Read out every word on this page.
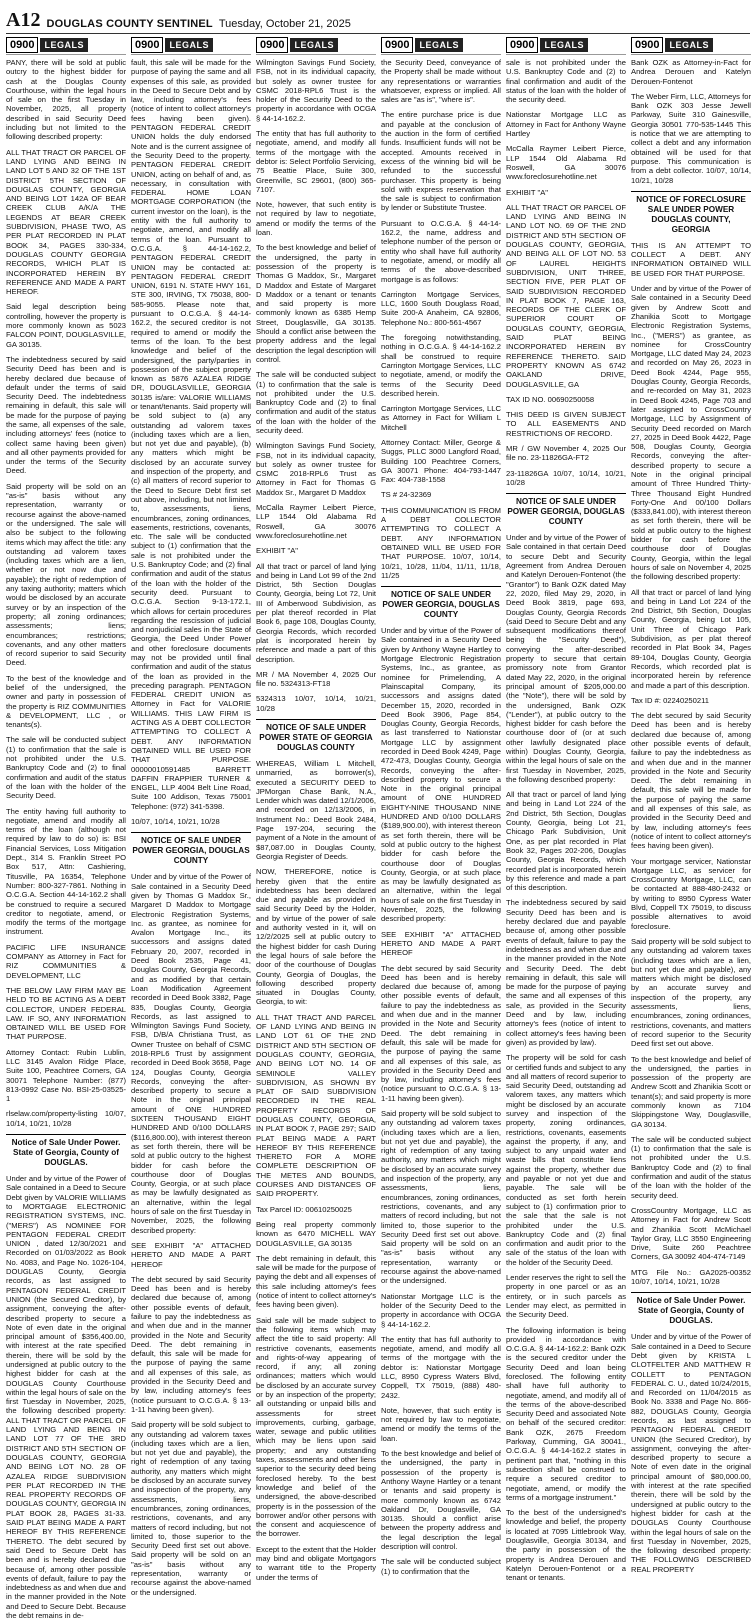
A12 DOUGLAS COUNTY SENTINEL Tuesday, October 21, 2025
0900	LEGALS

PANY, there will be sold at public outcry to the highest bidder for cash at the Douglas County Courthouse, within the legal hours of sale on the first Tuesday in November, 2025, all property described in said Security Deed including but not limited to the following described property:

ALL THAT TRACT OR PARCEL OF LAND LYING AND BEING IN LAND LOT 5 AND 32 OF THE 1ST DISTRICT 5TH SECTION OF DOUGLAS COUNTY, GEORGIA AND BEING LOT 142A OF BEAR CREEK CLUB A/K/A THE LEGENDS AT BEAR CREEK SUBDIVISION, PHASE TWO, AS PER PLAT RECORDED IN PLAT BOOK 34, PAGES 330-334, DOUGLAS COUNTY GEORGIA RECORDS, WHICH PLAT IS INCORPORATED HEREIN BY REFERENCE AND MADE A PART HEREOF.

Said legal description being controlling, however the property is more commonly known as 5023 FALCON POINT, DOUGLASVILLE, GA 30135.

The indebtedness secured by said Security Deed has been and is hereby declared due because of default under the terms of said Security Deed. The indebtedness remaining in default, this sale will be made for the purpose of paying the same, all expenses of the sale, including attorneys' fees (notice to collect same having been given) and all other payments provided for under the terms of the Security Deed.

Said property will be sold on an "as-is" basis without any representation, warranty or recourse against the above-named or the undersigned. The sale will also be subject to the following items which may affect the title: any outstanding ad valorem taxes (including taxes which are a lien, whether or not now due and payable); the right of redemption of any taxing authority; matters which would be disclosed by an accurate survey or by an inspection of the property; all zoning ordinances; assessments; liens; encumbrances; restrictions; covenants, and any other matters of record superior to said Security Deed.

To the best of the knowledge and belief of the undersigned, the owner and party in possession of the property is RIZ COMMUNITIES & DEVELOPMENT, LLC , or tenants(s).

The sale will be conducted subject (1) to confirmation that the sale is not prohibited under the U.S. Bankruptcy Code and (2) to final confirmation and audit of the status of the loan with the holder of the Security Deed.

The entity having full authority to negotiate, amend and modify all terms of the loan (although not required by law to do so) is: BSI Financial Services, Loss Mitigation Dept., 314 S. Franklin Street PO Box 517, Attn: Cashiering, Titusville, PA 16354, Telephone Number: 800-327-7861. Nothing in O.C.G.A. Section 44-14-162.2 shall be construed to require a secured creditor to negotiate, amend, or modify the terms of the mortgage instrument.

PACIFIC LIFE INSURANCE COMPANY as Attorney in Fact for RIZ COMMUNITIES & DEVELOPMENT, LLC

THE BELOW LAW FIRM MAY BE HELD TO BE ACTING AS A DEBT COLLECTOR, UNDER FEDERAL LAW. IF SO, ANY INFORMATION OBTAINED WILL BE USED FOR THAT PURPOSE.

Attorney Contact: Rubin Lublin, LLC 3145 Avalon Ridge Place, Suite 100, Peachtree Corners, GA 30071 Telephone Number: (877) 813-0992 Case No. BSI-25-03525-1

rlselaw.com/property-listing 10/07, 10/14, 10/21, 10/28

Notice of Sale Under Power. State of Georgia, County of DOUGLAS.

Under and by virtue of the Power of Sale contained in a Deed to Secure Debt given by VALORIE WILLIAMS to MORTGAGE ELECTRONIC REGISTRATION SYSTEMS, INC. ("MERS") AS NOMINEE FOR PENTAGON FEDERAL CREDIT UNION , dated 12/30/2021 and Recorded on 01/03/2022 as Book No. 4083, and Page No. 1026-104, DOUGLAS County, Georgia records, as last assigned to PENTAGON FEDERAL CREDIT UNION (the Secured Creditor), by assignment, conveying the after-described property to secure a Note of even date in the original principal amount of $356,400.00, with interest at the rate specified therein, there will be sold by the undersigned at public outcry to the highest bidder for cash at the DOUGLAS County Courthouse within the legal hours of sale on the first Tuesday in November, 2025, the following described property: ALL THAT TRACT OR PARCEL OF LAND LYING AND BEING IN LAND LOT 77 OF THE 3RD DISTRICT AND 5TH SECTION OF DOUGLAS COUNTY, GEORGIA AND BEING LOT NO. 28 OF AZALEA RIDGE SUBDIVISION PER PLAT RECORDED IN THE REAL PROPERTY RECORDS OF DOUGLAS COUNTY, GEORGIA IN PLAT BOOK 28, PAGES 31-33. SAID PLAT BEING MADE A PART HEREOF BY THIS REFERENCE THERETO. The debt secured by said Deed to Secure Debt has been and is hereby declared due because of, among other possible events of default, failure to pay the indebtedness as and when due and in the manner provided in the Note and Deed to Secure Debt. Because the debt remains in de-

0900	LEGALS

fault, this sale will be made for the purpose of paying the same and all expenses of this sale, as provided in the Deed to Secure Debt and by law, including attorney's fees (notice of intent to collect attorney's fees having been given). PENTAGON FEDERAL CREDIT UNION holds the duly endorsed Note and is the current assignee of the Security Deed to the property. PENTAGON FEDERAL CREDIT UNION, acting on behalf of and, as necessary, in consultation with FEDERAL HOME LOAN MORTGAGE CORPORATION (the current investor on the loan), is the entity with the full authority to negotiate, amend, and modify all terms of the loan. Pursuant to O.C.G.A. § 44-14-162.2, PENTAGON FEDERAL CREDIT UNION may be contacted at: PENTAGON FEDERAL CREDIT UNION, 6191 N. STATE HWY 161, STE 300, IRVING, TX 75038, 800-585-9055. Please note that, pursuant to O.C.G.A. § 44-14-162.2, the secured creditor is not required to amend or modify the terms of the loan. To the best knowledge and belief of the undersigned, the party/parties in possession of the subject property known as 5876 AZALEA RIDGE DR, DOUGLASVILLE, GEORGIA 30135 is/are: VALORIE WILLIAMS or tenant/tenants. Said property will be sold subject to (a) any outstanding ad valorem taxes (including taxes which are a lien, but not yet due and payable), (b) any matters which might be disclosed by an accurate survey and inspection of the property, and (c) all matters of record superior to the Deed to Secure Debt first set out above, including, but not limited to, assessments, liens, encumbrances, zoning ordinances, easements, restrictions, covenants, etc. The sale will be conducted subject to (1) confirmation that the sale is not prohibited under the U.S. Bankruptcy Code; and (2) final confirmation and audit of the status of the loan with the holder of the security deed. Pursuant to O.C.G.A. Section 9-13-172.1, which allows for certain procedures regarding the rescission of judicial and nonjudicial sales in the State of Georgia, the Deed Under Power and other foreclosure documents may not be provided until final confirmation and audit of the status of the loan as provided in the preceding paragraph. PENTAGON FEDERAL CREDIT UNION as Attorney in Fact for VALORIE WILLIAMS. THIS LAW FIRM IS ACTING AS A DEBT COLLECTOR ATTEMPTING TO COLLECT A DEBT. ANY INFORMATION OBTAINED WILL BE USED FOR THAT PURPOSE. 00000010591485 BARRETT DAFFIN FRAPPIER TURNER & ENGEL, LLP 4004 Belt Line Road, Suite 100 Addison, Texas 75001 Telephone: (972) 341-5398.

10/07, 10/14, 10/21, 10/28

NOTICE OF SALE UNDER POWER GEORGIA, DOUGLAS COUNTY

Under and by virtue of the Power of Sale contained in a Security Deed given by Thomas G Maddox Sr., Margaret D Maddox to Mortgage Electronic Registration Systems, Inc. as grantee, as nominee for Avalon Mortgage Inc., its successors and assigns dated February 20, 2007, recorded in Deed Book 2535, Page 41, Douglas County, Georgia Records, and as modified by that certain Loan Modification Agreement recorded in Deed Book 3382, Page 835, Douglas County, Georgia Records, as last assigned to Wilmington Savings Fund Society, FSB, D/B/A Christiana Trust, as Owner Trustee on behalf of CSMC 2018-RPL6 Trust by assignment recorded in Deed Book 3658, Page 124, Douglas County, Georgia Records, conveying the after-described property to secure a Note in the original principal amount of ONE HUNDRED SIXTEEN THOUSAND EIGHT HUNDRED AND 0/100 DOLLARS ($116,800.00), with interest thereon as set forth therein, there will be sold at public outcry to the highest bidder for cash before the courthouse door of Douglas County, Georgia, or at such place as may be lawfully designated as an alternative, within the legal hours of sale on the first Tuesday in November, 2025, the following described property:

SEE EXHIBIT "A" ATTACHED HERETO AND MADE A PART HEREOF

The debt secured by said Security Deed has been and is hereby declared due because of, among other possible events of default, failure to pay the indebtedness as and when due and in the manner provided in the Note and Security Deed. The debt remaining in default, this sale will be made for the purpose of paying the same and all expenses of this sale, as provided in the Security Deed and by law, including attorney's fees (notice pursuant to O.C.G.A. § 13-1-11 having been given).

Said property will be sold subject to any outstanding ad valorem taxes (including taxes which are a lien, but not yet due and payable), the right of redemption of any taxing authority, any matters which might be disclosed by an accurate survey and inspection of the property, any assessments, liens, encumbrances, zoning ordinances, restrictions, covenants, and any matters of record including, but not limited to, those superior to the Security Deed first set out above. Said property will be sold on an "as-is" basis without any representation, warranty or recourse against the above-named or the undersigned.

0900	LEGALS

Wilmington Savings Fund Society, FSB, not in its individual capacity, but solely as owner trustee for CSMC 2018-RPL6 Trust is the holder of the Security Deed to the property in accordance with OCGA § 44-14-162.2.

The entity that has full authority to negotiate, amend, and modify all terms of the mortgage with the debtor is: Select Portfolio Servicing, 75 Beattie Place, Suite 300, Greenville, SC 29601, (800) 365-7107.

Note, however, that such entity is not required by law to negotiate, amend or modify the terms of the loan.

To the best knowledge and belief of the undersigned, the party in possession of the property is Thomas G Maddox, Sr., Margaret D Maddox and Estate of Margaret D Maddox or a tenant or tenants and said property is more commonly known as 6385 Hemp Street, Douglasville, GA 30135. Should a conflict arise between the property address and the legal description the legal description will control.

The sale will be conducted subject (1) to confirmation that the sale is not prohibited under the U.S. Bankruptcy Code and (2) to final confirmation and audit of the status of the loan with the holder of the security deed.

Wilmington Savings Fund Society, FSB, not in its individual capacity, but solely as owner trustee for CSMC 2018-RPL6 Trust as Attorney in Fact for Thomas G Maddox Sr., Margaret D Maddox

McCalla Raymer Leibert Pierce, LLP 1544 Old Alabama Rd Roswell, GA 30076 www.foreclosurehotline.net

EXHIBIT "A"

All that tract or parcel of land lying and being in Land Lot 99 of the 2nd District, 5th Section Douglas County, Georgia, being Lot 72, Unit III of Amberwood Subdivision, as per plat thereof recorded in Plat Book 6, page 108, Douglas County, Georgia Records, which recorded plat is incorporated herein by reference and made a part of this description.

MR / MA November 4, 2025 Our file no. 5324313-FT18

5324313 10/07, 10/14, 10/21, 10/28

NOTICE OF SALE UNDER POWER STATE OF GEORGIA DOUGLAS COUNTY

WHEREAS, William L Mitchell, unmarried, as borrower(s), executed a SECURITY DEED to JPMorgan Chase Bank, N.A., Lender which was dated 12/1/2006, and recorded on 12/13/2006, in Instrument No.: Deed Book 2484, Page 197-204, securing the payment of a Note in the amount of $87,087.00 in Douglas County, Georgia Register of Deeds.

NOW, THEREFORE, notice is hereby given that the entire indebtedness has been declared due and payable as provided in said Security Deed by the Holder, and by virtue of the power of sale and authority vested in it, will on 12/2/2025 sell at public outcry to the highest bidder for cash During the legal hours of sale before the door of the courthouse of Douglas County, Georgia of Douglas, the following described property situated in Douglas County, Georgia, to wit:

ALL THAT TRACT AND PARCEL OF LAND LYING AND BEING IN LAND LOT 61 OF THE 2ND DISTRICT AND 5TH SECTION OF DOUGLAS COUNTY, GEORGIA, AND BEING LOT NO. 14 OF SEMINOLE VALLEY SUBDIVISION, AS SHOWN BY PLAT OF SAID SUBDIVISION RECORDED IN THE REAL PROPERTY RECORDS OF DOUGLAS COUNTY, GEORGIA, IN PLAT BOOK 7, PAGE 297; SAID PLAT BEING MADE A PART HEREOF BY THIS REFERENCE THERETO FOR A MORE COMPLETE DESCRIPTION OF THE METES AND BOUNDS, COURSES AND DISTANCES OF SAID PROPERTY.

Tax Parcel ID: 00610250025

Being real property commonly known as 6470 MICHELL WAY DOUGLASVILLE, GA 30135

The debt remaining in default, this sale will be made for the purpose of paying the debt and all expenses of this sale including attorney's fees (notice of intent to collect attorney's fees having been given).

Said sale will be made subject to the following items which may affect the title to said property: All restrictive covenants, easements and rights-of-way appearing of record, if any; all zoning ordinances; matters which would be disclosed by an accurate survey or by an inspection of the property; all outstanding or unpaid bills and assessments for street improvements, curbing, garbage, water, sewage and public utilities which may be liens upon said property; and any outstanding taxes, assessments and other liens superior to the security deed being foreclosed hereby. To the best knowledge and belief of the undersigned, the above-described property is in the possession of the borrower and/or other persons with the consent and acquiescence of the borrower.

Except to the extent that the Holder may bind and obligate Mortgagors to warrant title to the Property under the terms of

0900	LEGALS

the Security Deed, conveyance of the Property shall be made without any representations or warranties whatsoever, express or implied. All sales are "as is", "where is".

The entire purchase price is due and payable at the conclusion of the auction in the form of certified funds. Insufficient funds will not be accepted. Amounts received in excess of the winning bid will be refunded to the successful purchaser. This property is being sold with express reservation that the sale is subject to confirmation by lender or Substitute Trustee.

Pursuant to O.C.G.A. § 44-14-162.2, the name, address and telephone number of the person or entity who shall have full authority to negotiate, amend, or modify all terms of the above-described mortgage is as follows:

Carrington Mortgage Services, LLC, 1600 South Douglass Road, Suite 200-A Anaheim, CA 92806, Telephone No.: 800-561-4567

The foregoing notwithstanding, nothing in O.C.G.A. § 44-14-162.2 shall be construed to require Carrington Mortgage Services, LLC to negotiate, amend, or modify the terms of the Security Deed described herein.

Carrington Mortgage Services, LLC as Attorney in Fact for William L Mitchell

Attorney Contact: Miller, George & Suggs, PLLC 3000 Langford Road, Building 100 Peachtree Corners, GA 30071 Phone: 404-793-1447 Fax: 404-738-1558

TS # 24-32369

THIS COMMUNICATION IS FROM A DEBT COLLECTOR ATTEMPTING TO COLLECT A DEBT. ANY INFORMATION OBTAINED WILL BE USED FOR THAT PURPOSE. 10/07, 10/14, 10/21, 10/28, 11/04, 11/11, 11/18, 11/25

NOTICE OF SALE UNDER POWER GEORGIA, DOUGLAS COUNTY

Under and by virtue of the Power of Sale contained in a Security Deed given by Anthony Wayne Hartley to Mortgage Electronic Registration Systems, Inc., as grantee, as nominee for Primelending, A Plainscapital Company, its successors and assigns dated December 15, 2020, recorded in Deed Book 3906, Page 854, Douglas County, Georgia Records, as last transferred to Nationstar Mortgage LLC by assignment recorded in Deed Book 4249, Page 472-473, Douglas County, Georgia Records, conveying the after-described property to secure a Note in the original principal amount of ONE HUNDRED EIGHTY-NINE THOUSAND NINE HUNDRED AND 0/100 DOLLARS ($189,900.00), with interest thereon as set forth therein, there will be sold at public outcry to the highest bidder for cash before the courthouse door of Douglas County, Georgia, or at such place as may be lawfully designated as an alternative, within the legal hours of sale on the first Tuesday in November, 2025, the following described property:

SEE EXHIBIT "A" ATTACHED HERETO AND MADE A PART HEREOF

The debt secured by said Security Deed has been and is hereby declared due because of, among other possible events of default, failure to pay the indebtedness as and when due and in the manner provided in the Note and Security Deed. The debt remaining in default, this sale will be made for the purpose of paying the same and all expenses of this sale, as provided in the Security Deed and by law, including attorney's fees (notice pursuant to O.C.G.A. § 13-1-11 having been given).

Said property will be sold subject to any outstanding ad valorem taxes (including taxes which are a lien, but not yet due and payable), the right of redemption of any taxing authority, any matters which might be disclosed by an accurate survey and inspection of the property, any assessments, liens, encumbrances, zoning ordinances, restrictions, covenants, and any matters of record including, but not limited to, those superior to the Security Deed first set out above. Said property will be sold on an "as-is" basis without any representation, warranty or recourse against the above-named or the undersigned.

Nationstar Mortgage LLC is the holder of the Security Deed to the property in accordance with OCGA § 44-14-162.2.

The entity that has full authority to negotiate, amend, and modify all terms of the mortgage with the debtor is: Nationstar Mortgage LLC, 8950 Cypress Waters Blvd, Coppell, TX 75019, (888) 480-2432.

Note, however, that such entity is not required by law to negotiate, amend or modify the terms of the loan.

To the best knowledge and belief of the undersigned, the party in possession of the property is Anthony Wayne Hartley or a tenant or tenants and said property is more commonly known as 6742 Oakland Dr, Douglasville, GA 30135. Should a conflict arise between the property address and the legal description the legal description will control.

The sale will be conducted subject (1) to confirmation that the

0900	LEGALS

sale is not prohibited under the U.S. Bankruptcy Code and (2) to final confirmation and audit of the status of the loan with the holder of the security deed.

Nationstar Mortgage LLC as Attorney in Fact for Anthony Wayne Hartley

McCalla Raymer Leibert Pierce, LLP 1544 Old Alabama Rd Roswell, GA 30076 www.foreclosurehotline.net

EXHIBIT "A"

ALL THAT TRACT OR PARCEL OF LAND LYING AND BEING IN LAND LOT NO. 69 OF THE 2ND DISTRICT AND 5TH SECTION OF DOUGLAS COUNTY, GEORGIA, AND BEING ALL OF LOT NO. 53 OF LAUREL HEIGHTS SUBDIVISION, UNIT THREE, SECTION FIVE, PER PLAT OF SAID SUBDIVISION RECORDED IN PLAT BOOK 7, PAGE 163, RECORDS OF THE CLERK OF SUPERIOR COURT OF DOUGLAS COUNTY, GEORGIA, SAID PLAT BEING INCORPORATED HEREIN BY REFERENCE THERETO. SAID PROPERTY KNOWN AS 6742 OAKLAND DRIVE, DOUGLASVILLE, GA

TAX ID NO. 00690250058

THIS DEED IS GIVEN SUBJECT TO ALL EASEMENTS AND RESTRICTIONS OF RECORD.

MR / GW November 4, 2025 Our file no. 23-11826GA-FT2

23-11826GA 10/07, 10/14, 10/21, 10/28

NOTICE OF SALE UNDER POWER GEORGIA, DOUGLAS COUNTY

Under and by virtue of the Power of Sale contained in that certain Deed to secure Debt and Security Agreement from Andrea Derouen and Katelyn Derouen-Fontenot (the "Grantor") to Bank OZK dated May 22, 2020, filed May 29, 2020, in Deed Book 3819, page 693, Douglas County, Georgia Records (said Deed to Secure Debt and any subsequent modifications thereof being the "Security Deed"), conveying the after-described property to secure that certain promissory note from Grantor dated May 22, 2020, in the original principal amount of $205,000.00 (the "Note"), there will be sold by the undersigned, Bank OZK ("Lender"), at public outcry to the highest bidder for cash before the courthouse door of (or at such other lawfully designated place within) Douglas County, Georgia, within the legal hours of sale on the first Tuesday in November, 2025, the following described property:

All that tract or parcel of land lying and being in Land Lot 224 of the 2nd District, 5th Section, Douglas County, Georgia, being Lot 21, Chicago Park Subdivision, Unit One, as per plat recorded in Plat Book 32, Pages 202-206, Douglas County, Georgia Records, which recorded plat is incorporated herein by this reference and made a part of this description.

The indebtedness secured by said Security Deed has been and is hereby declared due and payable because of, among other possible events of default, failure to pay the indebtedness as and when due and in the manner provided in the Note and Security Deed. The debt remaining in default, this sale will be made for the purpose of paying the same and all expenses of this sale, as provided in the Security Deed and by law, including attorney's fees (notice of intent to collect attorney's fees having been given) as provided by law).

The property will be sold for cash or certified funds and subject to any and all matters of record superior to said Security Deed, outstanding ad valorem taxes, any matters which might be disclosed by an accurate survey and inspection of the property, zoning ordinances, restrictions, covenants, easements against the property, if any, and subject to any unpaid water and waste bills that constitute liens against the property, whether due and payable or not yet due and payable. The sale will be conducted as set forth herein subject to (1) confirmation prior to the sale that the sale is not prohibited under the U.S. Bankruptcy Code and (2) final confirmation and audit prior to the sale of the status of the loan with the holder of the Security Deed.

Lender reserves the right to sell the property in one parcel or as an entirety, or in such parcels as Lender may elect, as permitted in the Security Deed.

The following information is being provided in accordance with O.C.G.A. § 44-14-162.2: Bank OZK is the secured creditor under the Security Deed and loan being foreclosed. The following entity shall have full authority to negotiate, amend, and modify all of the terms of the above-described Security Deed and associated Note on behalf of the secured creditor: Bank OZK, 2675 Freedom Parkway, Cumming, GA 30041., O.C.G.A. § 44-14-162.2 states in pertinent part that, "nothing in this subsection shall be construed to require a secured creditor to negotiate, amend, or modify the terms of a mortgage instrument."

To the best of the undersigned's knowledge and belief, the property is located at 7095 Littlebrook Way, Douglasville, Georgia 30134, and the party in possession of the property is Andrea Derouen and Katelyn Derouen-Fontenot or a tenant or tenants.

0900	LEGALS

Bank OZK as Attorney-in-Fact for Andrea Derouen and Katelyn Derouen-Fontenot

The Weber Firm, LLC, Attorneys for Bank OZK 303 Jesse Jewell Parkway, Suite 310 Gainesville, Georgia 30501 770-535-1445 This is notice that we are attempting to collect a debt and any information obtained will be used for that purpose. This communication is from a debt collector. 10/07, 10/14, 10/21, 10/28

NOTICE OF FORECLOSURE SALE UNDER POWER DOUGLAS COUNTY, GEORGIA

THIS IS AN ATTEMPT TO COLLECT A DEBT. ANY INFORMATION OBTAINED WILL BE USED FOR THAT PURPOSE.

Under and by virtue of the Power of Sale contained in a Security Deed given by Andrew Scott and Zhanikia Scott to Mortgage Electronic Registration Systems, Inc., ("MERS") as grantee, as nominee for CrossCountry Mortgage, LLC dated May 24, 2023 and recorded on May 26, 2023 in Deed Book 4244, Page 955, Douglas County, Georgia Records, and re-recorded on May 31, 2023 in Deed Book 4245, Page 703 and later assigned to CrossCountry Mortgage, LLC by Assignment of Security Deed recorded on March 27, 2025 in Deed Book 4422, Page 508, Douglas County, Georgia Records, conveying the after-described property to secure a Note in the original principal amount of Three Hundred Thirty-Three Thousand Eight Hundred Forty-One And 00/100 Dollars ($333,841.00), with interest thereon as set forth therein, there will be sold at public outcry to the highest bidder for cash before the courthouse door of Douglas County, Georgia, within the legal hours of sale on November 4, 2025 the following described property:

All that tract or parcel of land lying and being in Land Lot 224 of the 2nd District, 5th Section, Douglas County, Georgia, being Lot 105, Unit Three of Chicago Park Subdivision, as per plat thereof recorded in Plat Book 34, Pages 89-104, Douglas County, Georgia Records, which recorded plat is incorporated herein by reference and made a part of this description.

Tax ID #: 02240250211

The debt secured by said Security Deed has been and is hereby declared due because of, among other possible events of default, failure to pay the indebtedness as and when due and in the manner provided in the Note and Security Deed. The debt remaining in default, this sale will be made for the purpose of paying the same and all expenses of this sale, as provided in the Security Deed and by law, including attorney's fees (notice of intent to collect attorney's fees having been given).

Your mortgage servicer, Nationstar Mortgage LLC, as servicer for CrossCountry Mortgage, LLC, can be contacted at 888-480-2432 or by writing to 8950 Cypress Water Blvd, Coppell TX 75019, to discuss possible alternatives to avoid foreclosure.

Said property will be sold subject to any outstanding ad valorem taxes (including taxes which are a lien, but not yet due and payable), any matters which might be disclosed by an accurate survey and inspection of the property, any assessments, liens, encumbrances, zoning ordinances, restrictions, covenants, and matters of record superior to the Security Deed first set out above.

To the best knowledge and belief of the undersigned, the parties in possession of the property are Andrew Scott and Zhanikia Scott or tenant(s); and said property is more commonly known as 7104 Skippingstone Way, Douglasville, GA 30134.

The sale will be conducted subject (1) to confirmation that the sale is not prohibited under the U.S. Bankruptcy Code and (2) to final confirmation and audit of the status of the loan with the holder of the security deed.

CrossCountry Mortgage, LLC as Attorney in Fact for Andrew Scott and Zhanikia Scott McMichael Taylor Gray, LLC 3550 Engineering Drive, Suite 260 Peachtree Corners, GA 30092 404-474-7149

MTG File No.: GA2025-00352 10/07, 10/14, 10/21, 10/28

Notice of Sale Under Power. State of Georgia, County of DOUGLAS.

Under and by virtue of the Power of Sale contained in a Deed to Secure Debt given by KRISTA L CLOTFELTER AND MATTHEW R COLLETT to PENTAGON FEDERAL C. U., dated 10/24/2015, and Recorded on 11/04/2015 as Book No. 3338 and Page No. 866-882, DOUGLAS County, Georgia records, as last assigned to PENTAGON FEDERAL CREDIT UNION (the Secured Creditor), by assignment, conveying the after-described property to secure a Note of even date in the original principal amount of $80,000.00, with interest at the rate specified therein, there will be sold by the undersigned at public outcry to the highest bidder for cash at the DOUGLAS County Courthouse within the legal hours of sale on the first Tuesday in November, 2025, the following described property: THE FOLLOWING DESCRIBED REAL PROPERTY
